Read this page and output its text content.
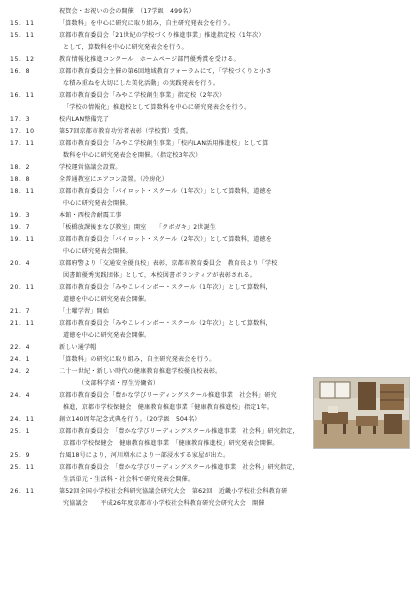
祝賀会・お祝いの会の開催　（17学級　499名）
15．11	「算数科」を中心に研究に取り組み，自主研究発表会を行う。
15．11	京都市教育委員会「21世紀の学校づくり推進事業」推進指定校（1年次）
として，算数科を中心に研究発表会を行う。
15．12	教育情報化推進コンクール　ホームページ部門優秀賞を受ける。
16．8	京都市教育委員会主催の第6回地域教育フォーラムにて，「学校づくりと小さ
な積み重ねを大切にした美化活動」の実践発表を行う。
16．11	京都市教育委員会「みやこ学校創生事業」指定校（2年次）
「学校の情報化」推進校として算数科を中心に研究発表会を行う。
17．3	校内LAN整備完了
17．10	第57回京都市教育功労者表彰（学校賞）受賞。
17．11	京都市教育委員会「みやこ学校創生事業」「校内LAN活用推進校」として算
数科を中心に研究発表会を開催。（指定校3年次）
18．2	学校運営協議会設置。
18．8	全普通教室にエアコン設置。（冷房化）
18．11	京都市教育委員会「パイロット・スクール（1年次）」として算数科，道徳を
中心に研究発表会開催。
19．3	本館・西校舎耐震工事
19．7	「板橋放課後まなび教室」開室　　「クボガキ」2世誕生
19．11	京都市教育委員会「パイロット・スクール（2年次）」として算数科，道徳を
中心に研究発表会開催。
20．4	京都府警より「交通安全優良校」表彰，京都市教育委員会　教育長より「学校
図書館優秀実践団体」として，本校図書ボランティアが表彰される。
20．11	京都市教育委員会「みやこレインボー・スクール（1年次）」として算数科，
道徳を中心に研究発表会開催。
21．7	「土曜学習」開始
21．11	京都市教育委員会「みやこレインボー・スクール（2年次）」として算数科，
道徳を中心に研究発表会開催。
22．4	新しい通学帽
24．1	「算数科」の研究に取り組み，自主研究発表会を行う。
24．2	二十一世紀・新しい時代の健康教育推進学校優良校表彰。
（文部科学省・厚生労働省）
24．4	京都市教育委員会「豊かな学びリーディングスクール推進事業　社会科」研究
推進，京都市学校保健会　健康教育推進事業「健康教育推進校」指定1年。
24．11	創立140周年記念式典を行う。（20学級　504名）
25．1	京都市教育委員会　「豊かな学びリーディングスクール推進事業　社会科」研究指定，
京都市学校保健会　健康教育推進事業　「健康教育推進校」研究発表会開催。
25．9	台風18号により，河川増水により一部浸水する家屋が出た。
25．11	京都市教育委員会　「豊かな学びリーディングスクール推進事業　社会科」研究指定，
生活単元・生活科・社会科で研究発表会開催。
26．11	第52回全国小学校社会科研究協議会研究大会　第62回　近畿小学校社会科教育研
究協議会　　平成26年度京都市小学校社会科教育研究会研究大会　開催
